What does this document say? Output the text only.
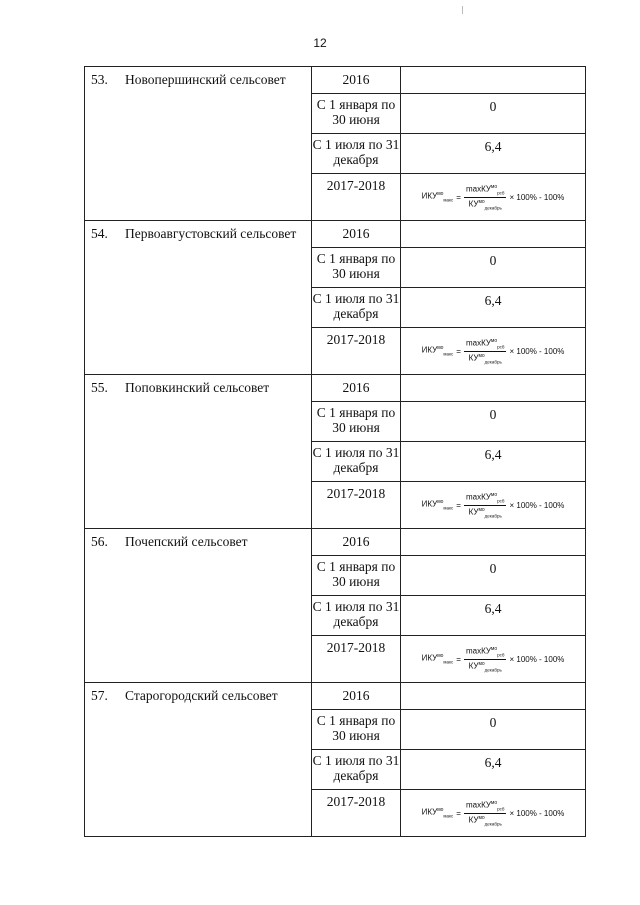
12
53. Новопершинский сельсовет	2016	
	С 1 января по 30 июня	0
	С 1 июля по 31 декабря	6,4
	2017-2018	$ИКУ^{мо}_{макс} = \frac{\max КУ^{мо}_{рсб}}{КУ^{мо}_{декабрь}} \times 100\% - 100\%$

54. Первоавгустовский сельсовет	2016	
	С 1 января по 30 июня	0
	С 1 июля по 31 декабря	6,4
	2017-2018	$ИКУ^{мо}_{макс} = \frac{\max КУ^{мо}_{рсб}}{КУ^{мо}_{декабрь}} \times 100\% - 100\%$

55. Поповкинский сельсовет	2016	
	С 1 января по 30 июня	0
	С 1 июля по 31 декабря	6,4
	2017-2018	$ИКУ^{мо}_{макс} = \frac{\max КУ^{мо}_{рсб}}{КУ^{мо}_{декабрь}} \times 100\% - 100\%$

56. Почепский сельсовет	2016	
	С 1 января по 30 июня	0
	С 1 июля по 31 декабря	6,4
	2017-2018	$ИКУ^{мо}_{макс} = \frac{\max КУ^{мо}_{рсб}}{КУ^{мо}_{декабрь}} \times 100\% - 100\%$

57. Старогородский сельсовет	2016	
	С 1 января по 30 июня	0
	С 1 июля по 31 декабря	6,4
	2017-2018	$ИКУ^{мо}_{макс} = \frac{\max КУ^{мо}_{рсб}}{КУ^{мо}_{декабрь}} \times 100\% - 100\%$
